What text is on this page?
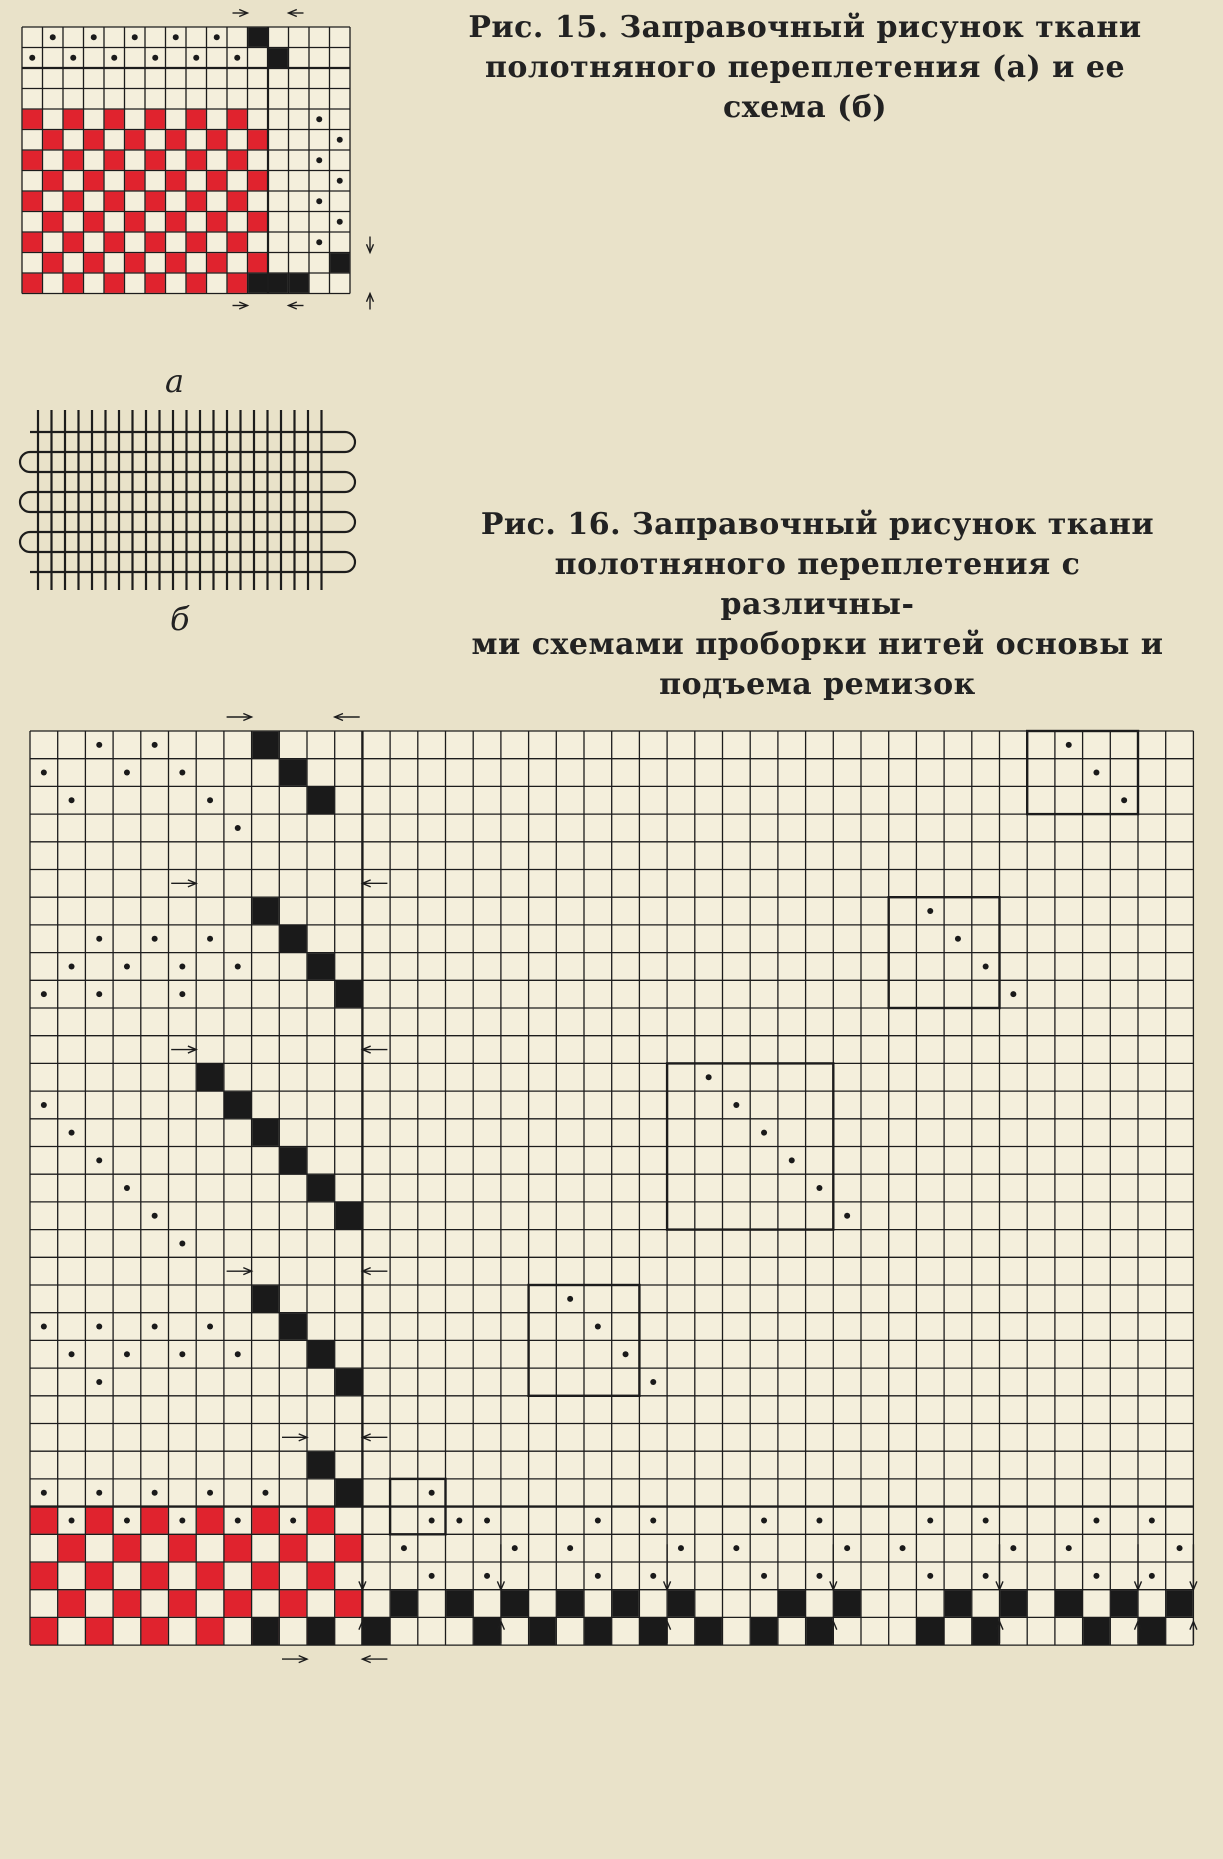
Рис. 15. Заправочный рисунок ткани
полотняного переплетения (а) и ее
схема (б)
Рис. 16. Заправочный рисунок ткани
полотняного переплетения с различны-
ми схемами проборки нитей основы и
подъема ремизок
а
б
